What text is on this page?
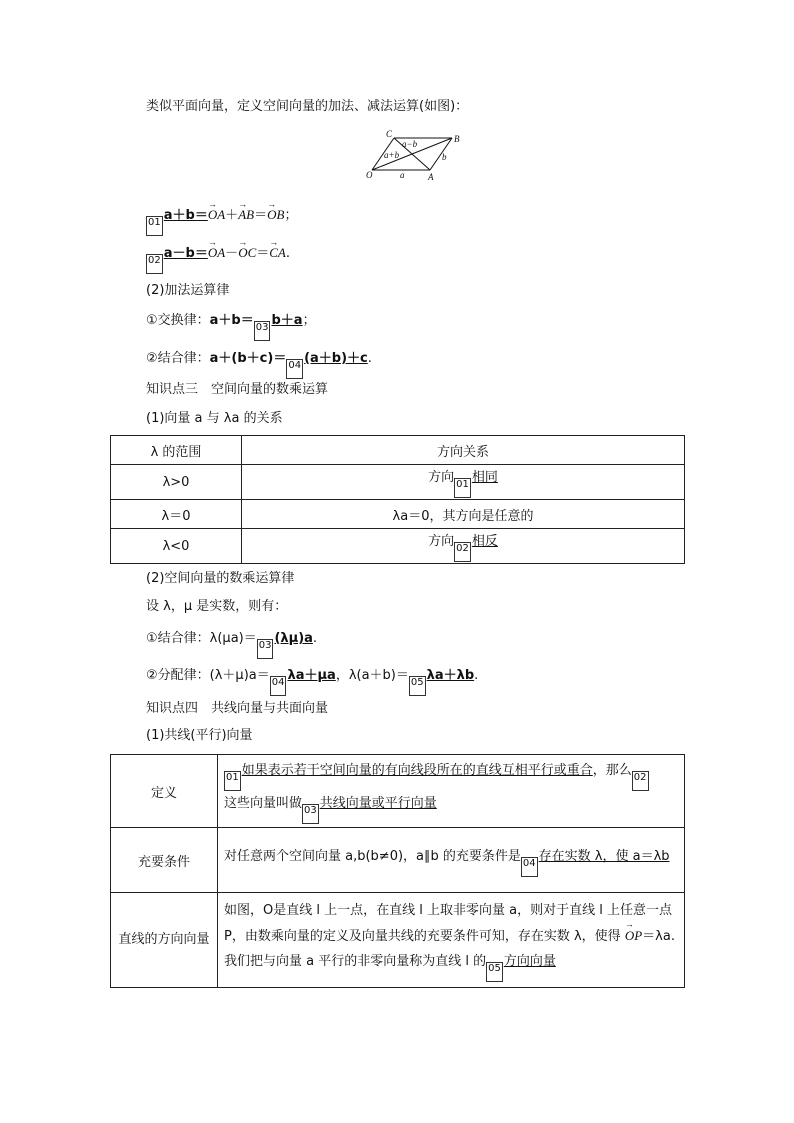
类似平面向量，定义空间向量的加法、减法运算(如图)：
C	B
O	A
a
b
a+b
a−b
01 a＋b＝→ OA＋→ AB＝→ OB；
02 a－b＝→ OA－→ OC＝→ CA.
(2)加法运算律
①交换律：a＋b＝ 03 b＋a；
②结合律：a＋(b＋c)＝ 04 (a＋b)＋c.
知识点三　空间向量的数乘运算
(1)向量 a 与 λa 的关系
λ 的范围	方向关系
λ>0	方向 01 相同
λ＝0	λa＝0，其方向是任意的
λ<0	方向 02 相反
(2)空间向量的数乘运算律
设 λ，μ 是实数，则有：
①结合律：λ(μa)＝ 03 (λμ)a.
②分配律：(λ＋μ)a＝ 04 λa＋μa，λ(a＋b)＝ 05 λa＋λb.
知识点四　共线向量与共面向量
(1)共线(平行)向量
定义	01 如果表示若干空间向量的有向线段所在的直线互相平行或重合，那么 02
这些向量叫做 03 共线向量或平行向量
充要条件	对任意两个空间向量 a,b(b≠0)，a∥b 的充要条件是 04 存在实数 λ，使 a＝λb
直线的方向向量	如图，O是直线 l 上一点，在直线 l 上取非零向量 a，则对于直线 l 上任意一点 P，由数乘向量的定义及向量共线的充要条件可知，存在实数 λ，使得 → OP＝λa.我们把与向量 a 平行的非零向量称为直线 l 的 05 方向向量
